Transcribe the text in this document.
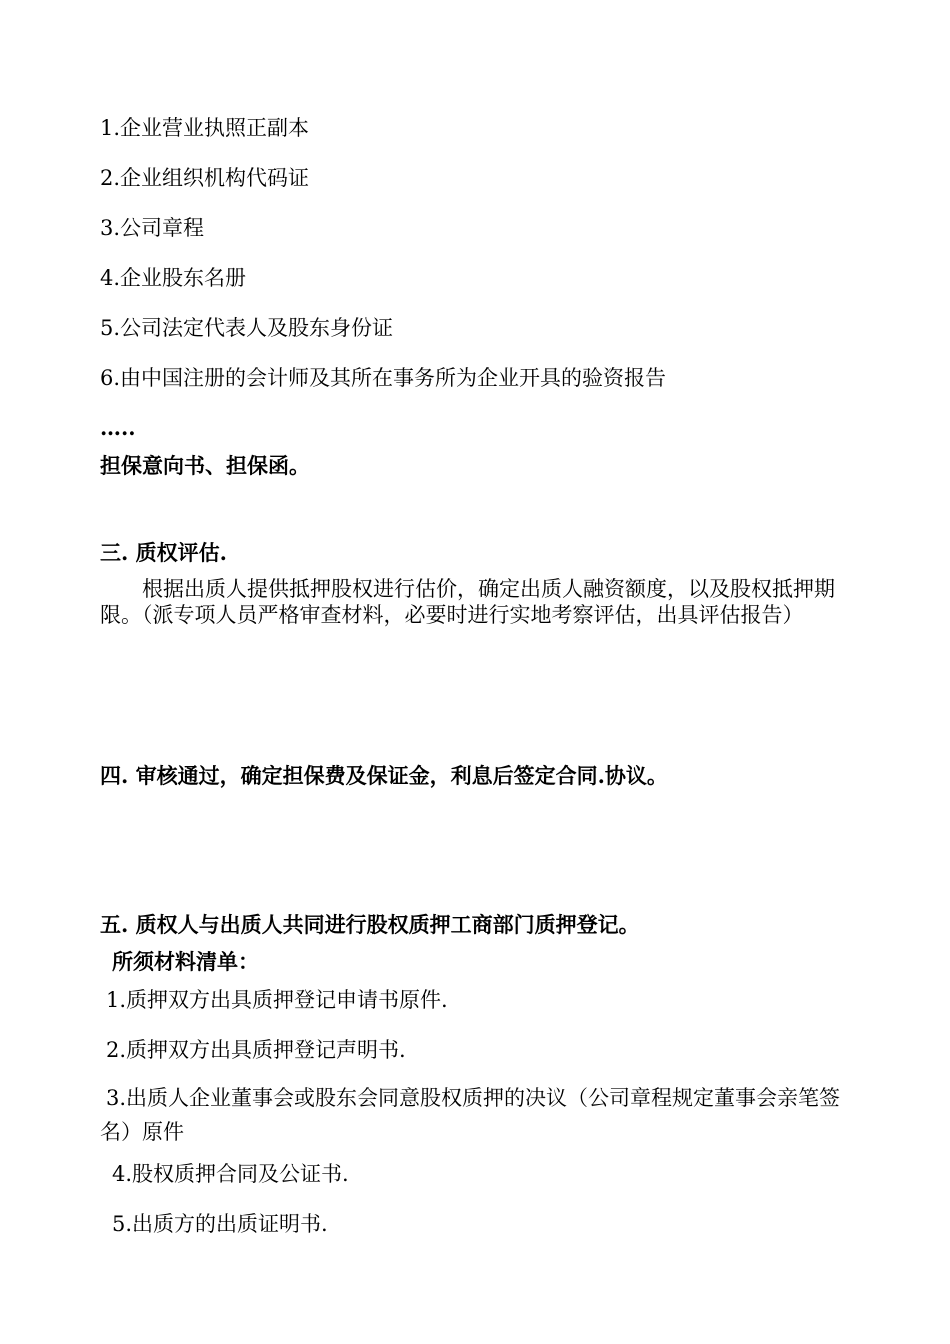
1.企业营业执照正副本
2.企业组织机构代码证
3.公司章程
4.企业股东名册
5.公司法定代表人及股东身份证
6.由中国注册的会计师及其所在事务所为企业开具的验资报告
…..
担保意向书、担保函。
三. 质权评估.
根据出质人提供抵押股权进行估价，确定出质人融资额度，以及股权抵押期限。（派专项人员严格审查材料，必要时进行实地考察评估，出具评估报告）
四. 审核通过，确定担保费及保证金，利息后签定合同.协议。
五. 质权人与出质人共同进行股权质押工商部门质押登记。
所须材料清单：
1.质押双方出具质押登记申请书原件.
2.质押双方出具质押登记声明书.
3.出质人企业董事会或股东会同意股权质押的决议（公司章程规定董事会亲笔签名）原件
4.股权质押合同及公证书.
5.出质方的出质证明书.
